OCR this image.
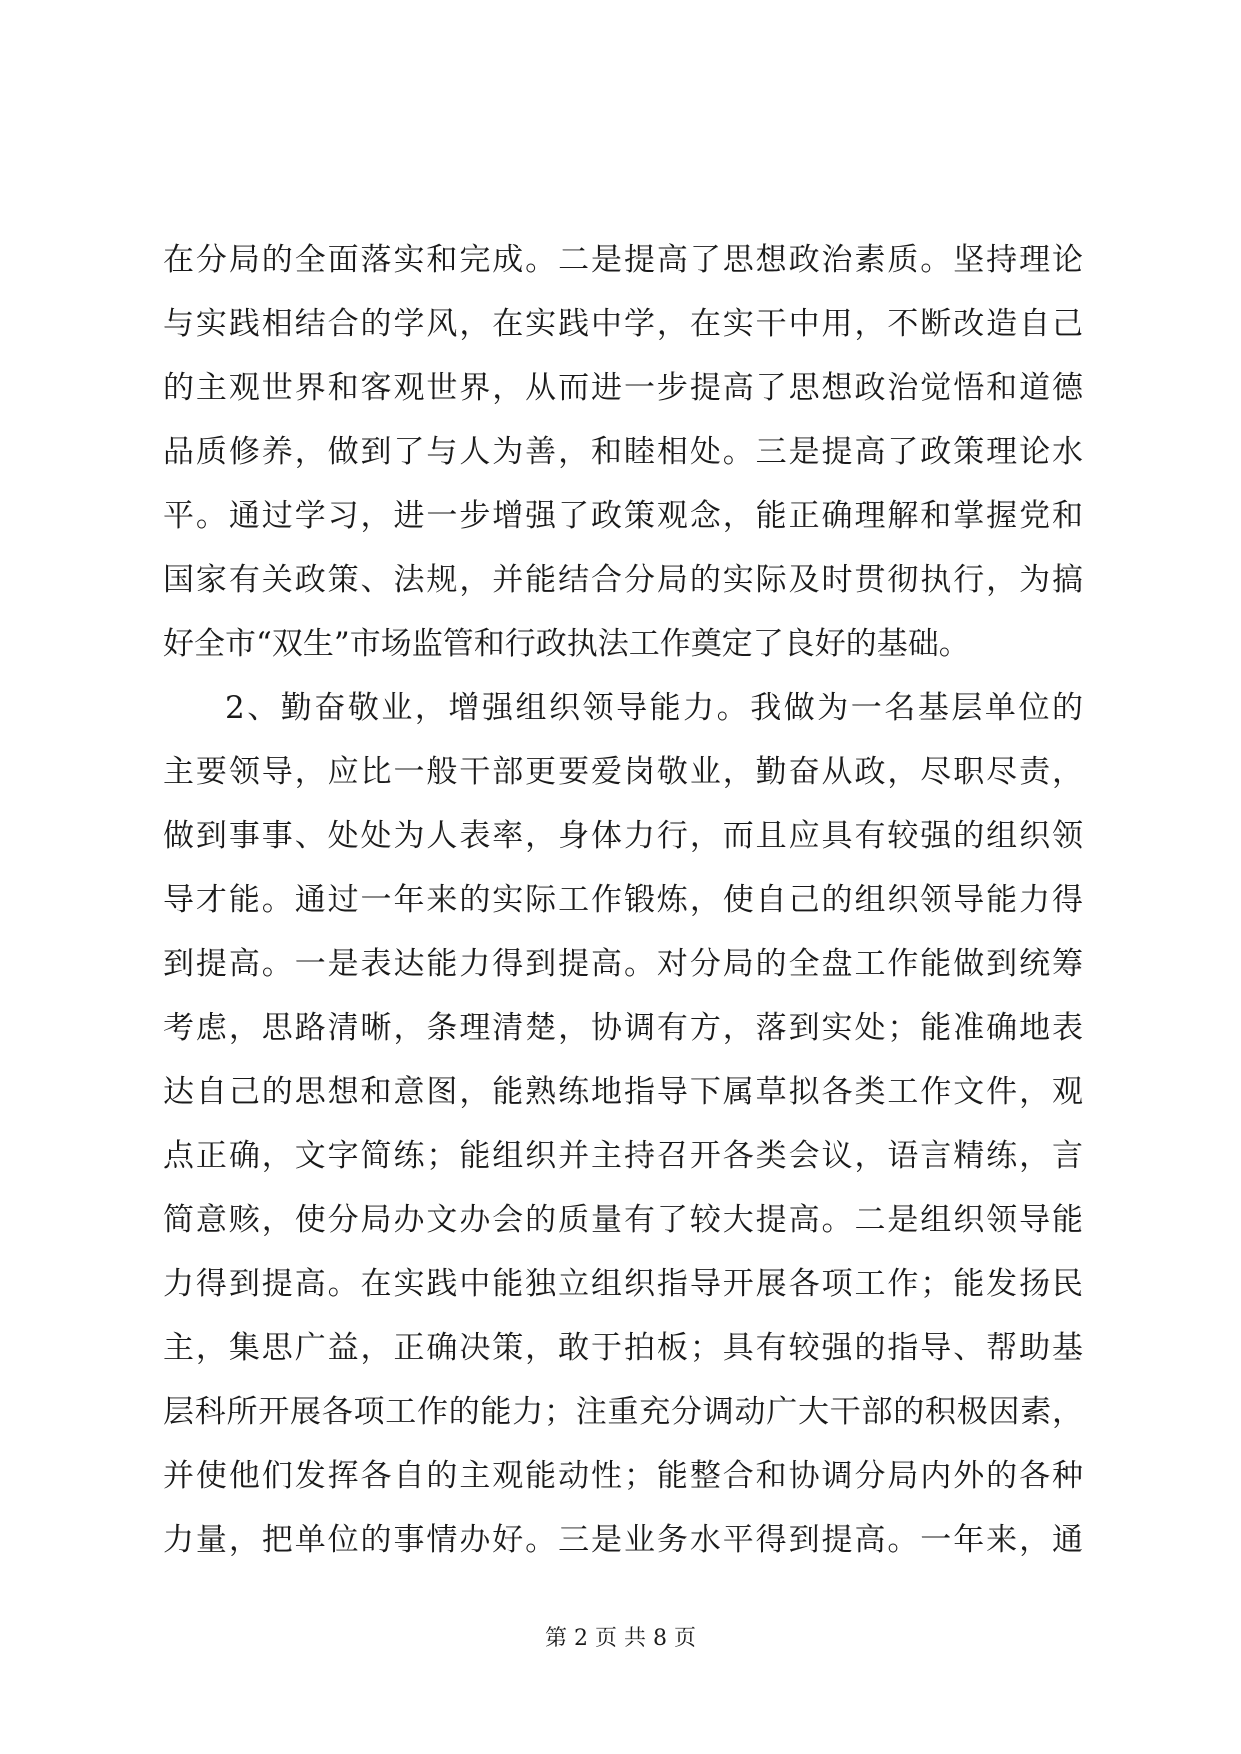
在分局的全面落实和完成。二是提高了思想政治素质。坚持理论
与实践相结合的学风，在实践中学，在实干中用，不断改造自己
的主观世界和客观世界，从而进一步提高了思想政治觉悟和道德
品质修养，做到了与人为善，和睦相处。三是提高了政策理论水
平。通过学习，进一步增强了政策观念，能正确理解和掌握党和
国家有关政策、法规，并能结合分局的实际及时贯彻执行，为搞
好全市“双生”市场监管和行政执法工作奠定了良好的基础。
2、勤奋敬业，增强组织领导能力。我做为一名基层单位的
主要领导，应比一般干部更要爱岗敬业，勤奋从政，尽职尽责，
做到事事、处处为人表率，身体力行，而且应具有较强的组织领
导才能。通过一年来的实际工作锻炼，使自己的组织领导能力得
到提高。一是表达能力得到提高。对分局的全盘工作能做到统筹
考虑，思路清晰，条理清楚，协调有方，落到实处；能准确地表
达自己的思想和意图，能熟练地指导下属草拟各类工作文件，观
点正确，文字简练；能组织并主持召开各类会议，语言精练，言
简意赅，使分局办文办会的质量有了较大提高。二是组织领导能
力得到提高。在实践中能独立组织指导开展各项工作；能发扬民
主，集思广益，正确决策，敢于拍板；具有较强的指导、帮助基
层科所开展各项工作的能力；注重充分调动广大干部的积极因素，
并使他们发挥各自的主观能动性；能整合和协调分局内外的各种
力量，把单位的事情办好。三是业务水平得到提高。一年来，通
第 2 页 共 8 页
